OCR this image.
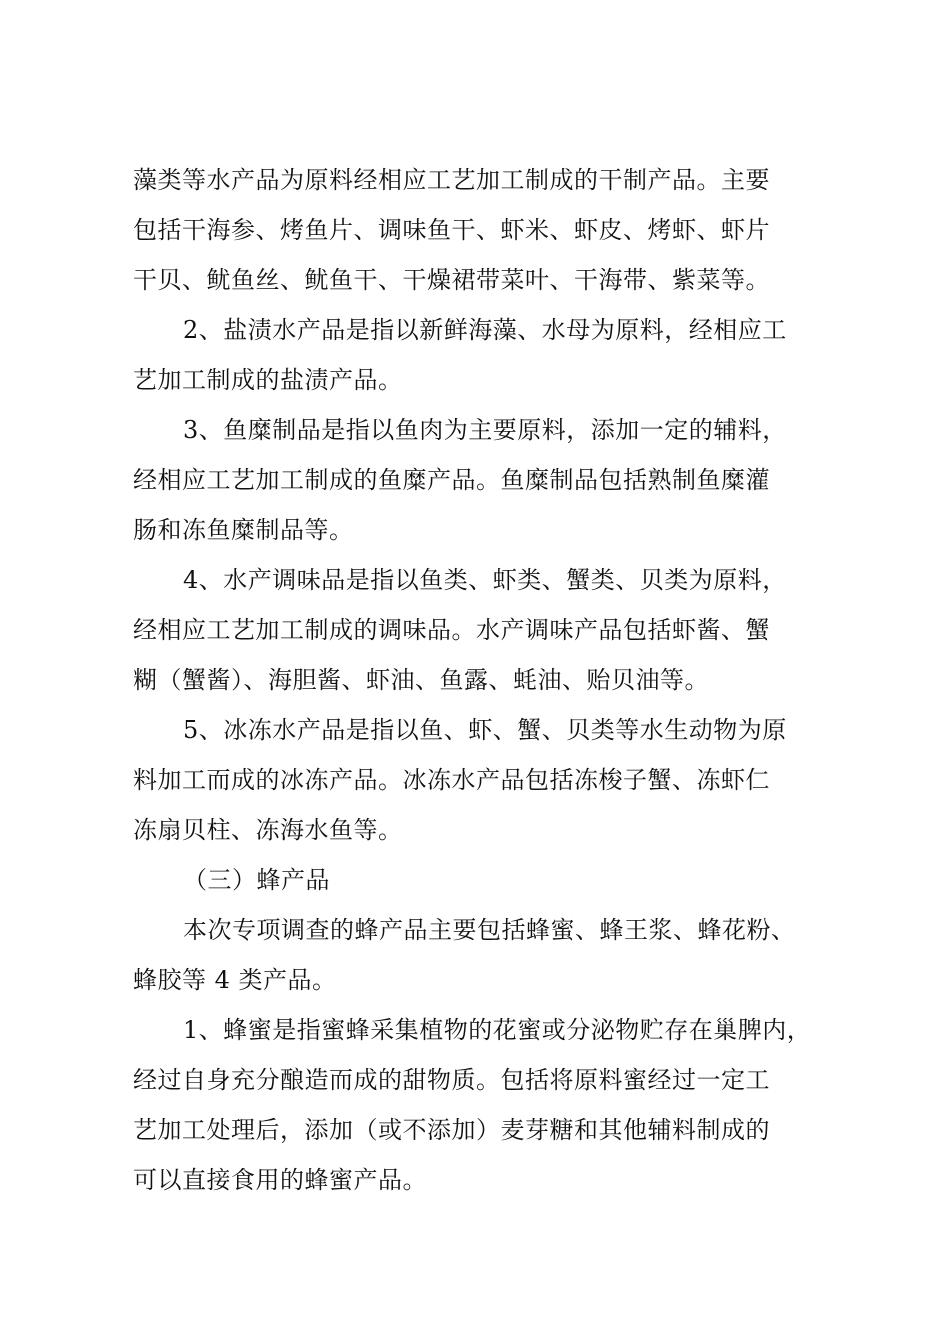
藻类等水产品为原料经相应工艺加工制成的干制产品。主要
包括干海参、烤鱼片、调味鱼干、虾米、虾皮、烤虾、虾片
干贝、鱿鱼丝、鱿鱼干、干燥裙带菜叶、干海带、紫菜等。
2、盐渍水产品是指以新鲜海藻、水母为原料，经相应工
艺加工制成的盐渍产品。
3、鱼糜制品是指以鱼肉为主要原料，添加一定的辅料，
经相应工艺加工制成的鱼糜产品。鱼糜制品包括熟制鱼糜灌
肠和冻鱼糜制品等。
4、水产调味品是指以鱼类、虾类、蟹类、贝类为原料，
经相应工艺加工制成的调味品。水产调味产品包括虾酱、蟹
糊（蟹酱）、海胆酱、虾油、鱼露、蚝油、贻贝油等。
5、冰冻水产品是指以鱼、虾、蟹、贝类等水生动物为原
料加工而成的冰冻产品。冰冻水产品包括冻梭子蟹、冻虾仁
冻扇贝柱、冻海水鱼等。
（三）蜂产品
本次专项调查的蜂产品主要包括蜂蜜、蜂王浆、蜂花粉、
蜂胶等 4 类产品。
1、蜂蜜是指蜜蜂采集植物的花蜜或分泌物贮存在巢脾内，
经过自身充分酿造而成的甜物质。包括将原料蜜经过一定工
艺加工处理后，添加（或不添加）麦芽糖和其他辅料制成的
可以直接食用的蜂蜜产品。
